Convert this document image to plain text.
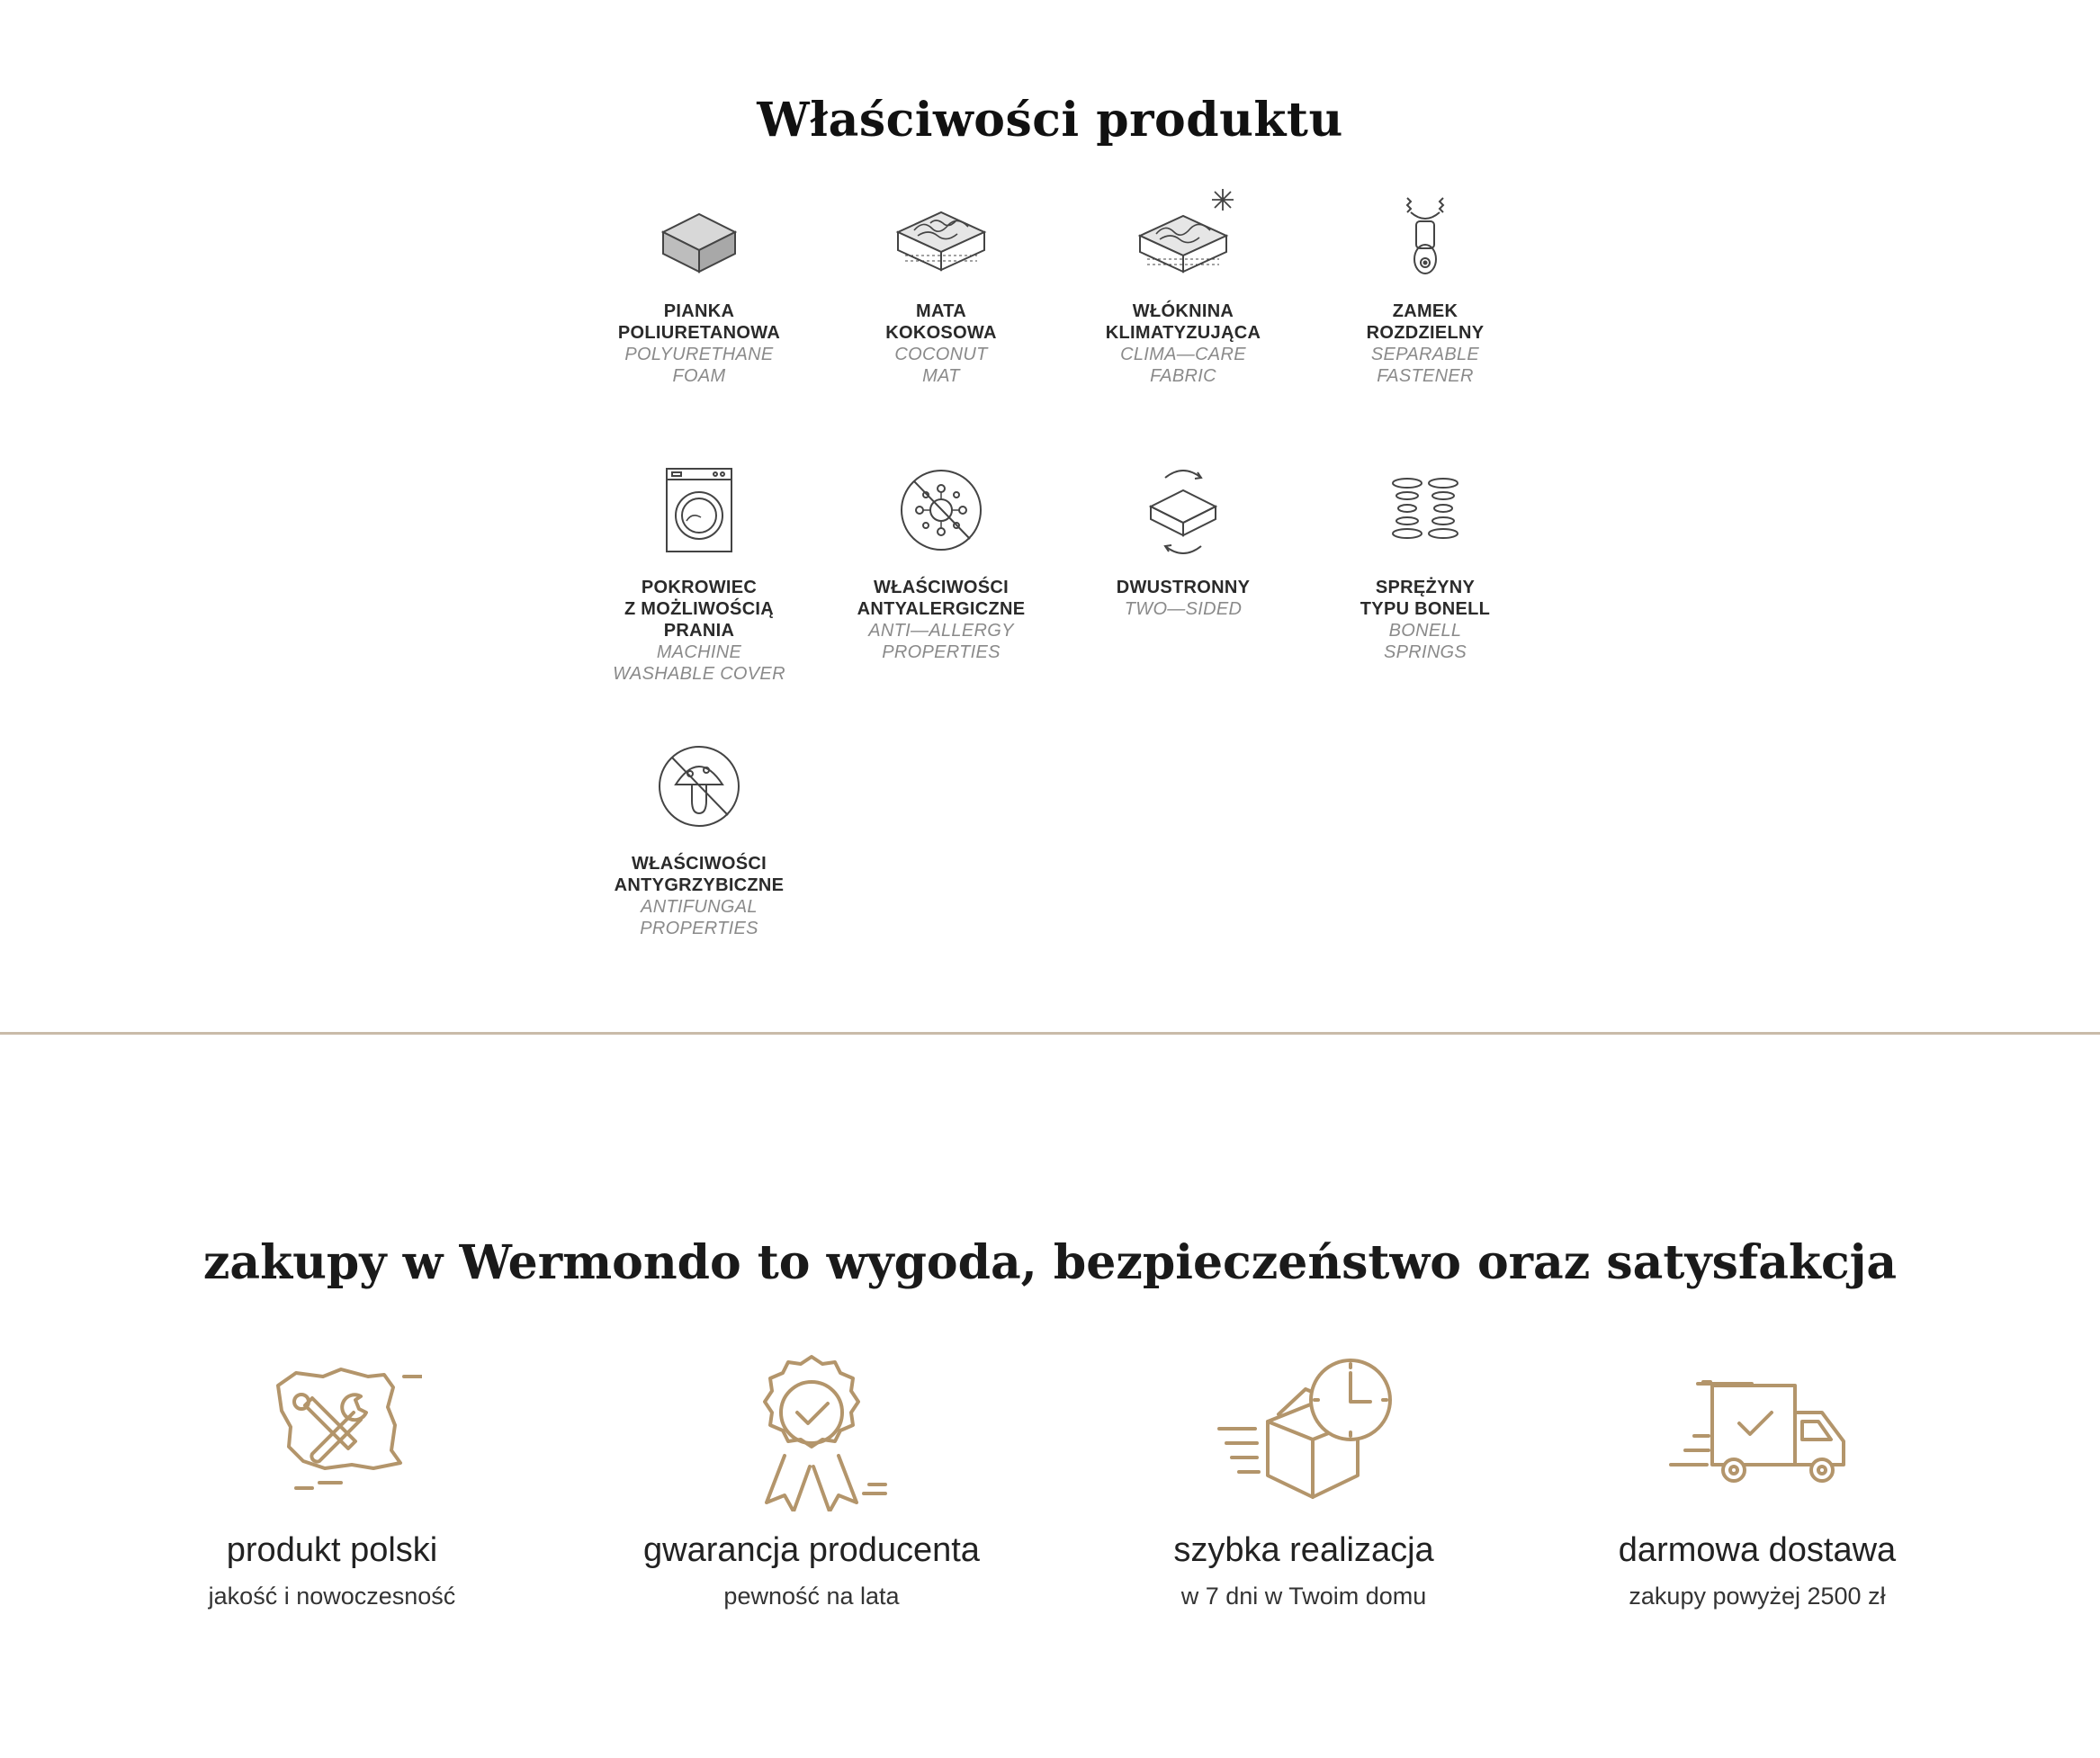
Właściwości produktu
PIANKA
POLIURETANOWA
POLYURETHANE
FOAM
MATA
KOKOSOWA
COCONUT
MAT
WŁÓKNINA
KLIMATYZUJĄCA
CLIMA—CARE
FABRIC
ZAMEK
ROZDZIELNY
SEPARABLE
FASTENER
POKROWIEC
Z MOŻLIWOŚCIĄ
PRANIA
MACHINE
WASHABLE COVER
WŁAŚCIWOŚCI
ANTYALERGICZNE
ANTI—ALLERGY
PROPERTIES
DWUSTRONNY
TWO—SIDED
SPRĘŻYNY
TYPU BONELL
BONELL
SPRINGS
WŁAŚCIWOŚCI
ANTYGRZYBICZNE
ANTIFUNGAL
PROPERTIES
zakupy w Wermondo to wygoda, bezpieczeństwo oraz satysfakcja
produkt polski
jakość i nowoczesność
gwarancja producenta
pewność na lata
szybka realizacja
w 7 dni w Twoim domu
darmowa dostawa
zakupy powyżej 2500 zł
